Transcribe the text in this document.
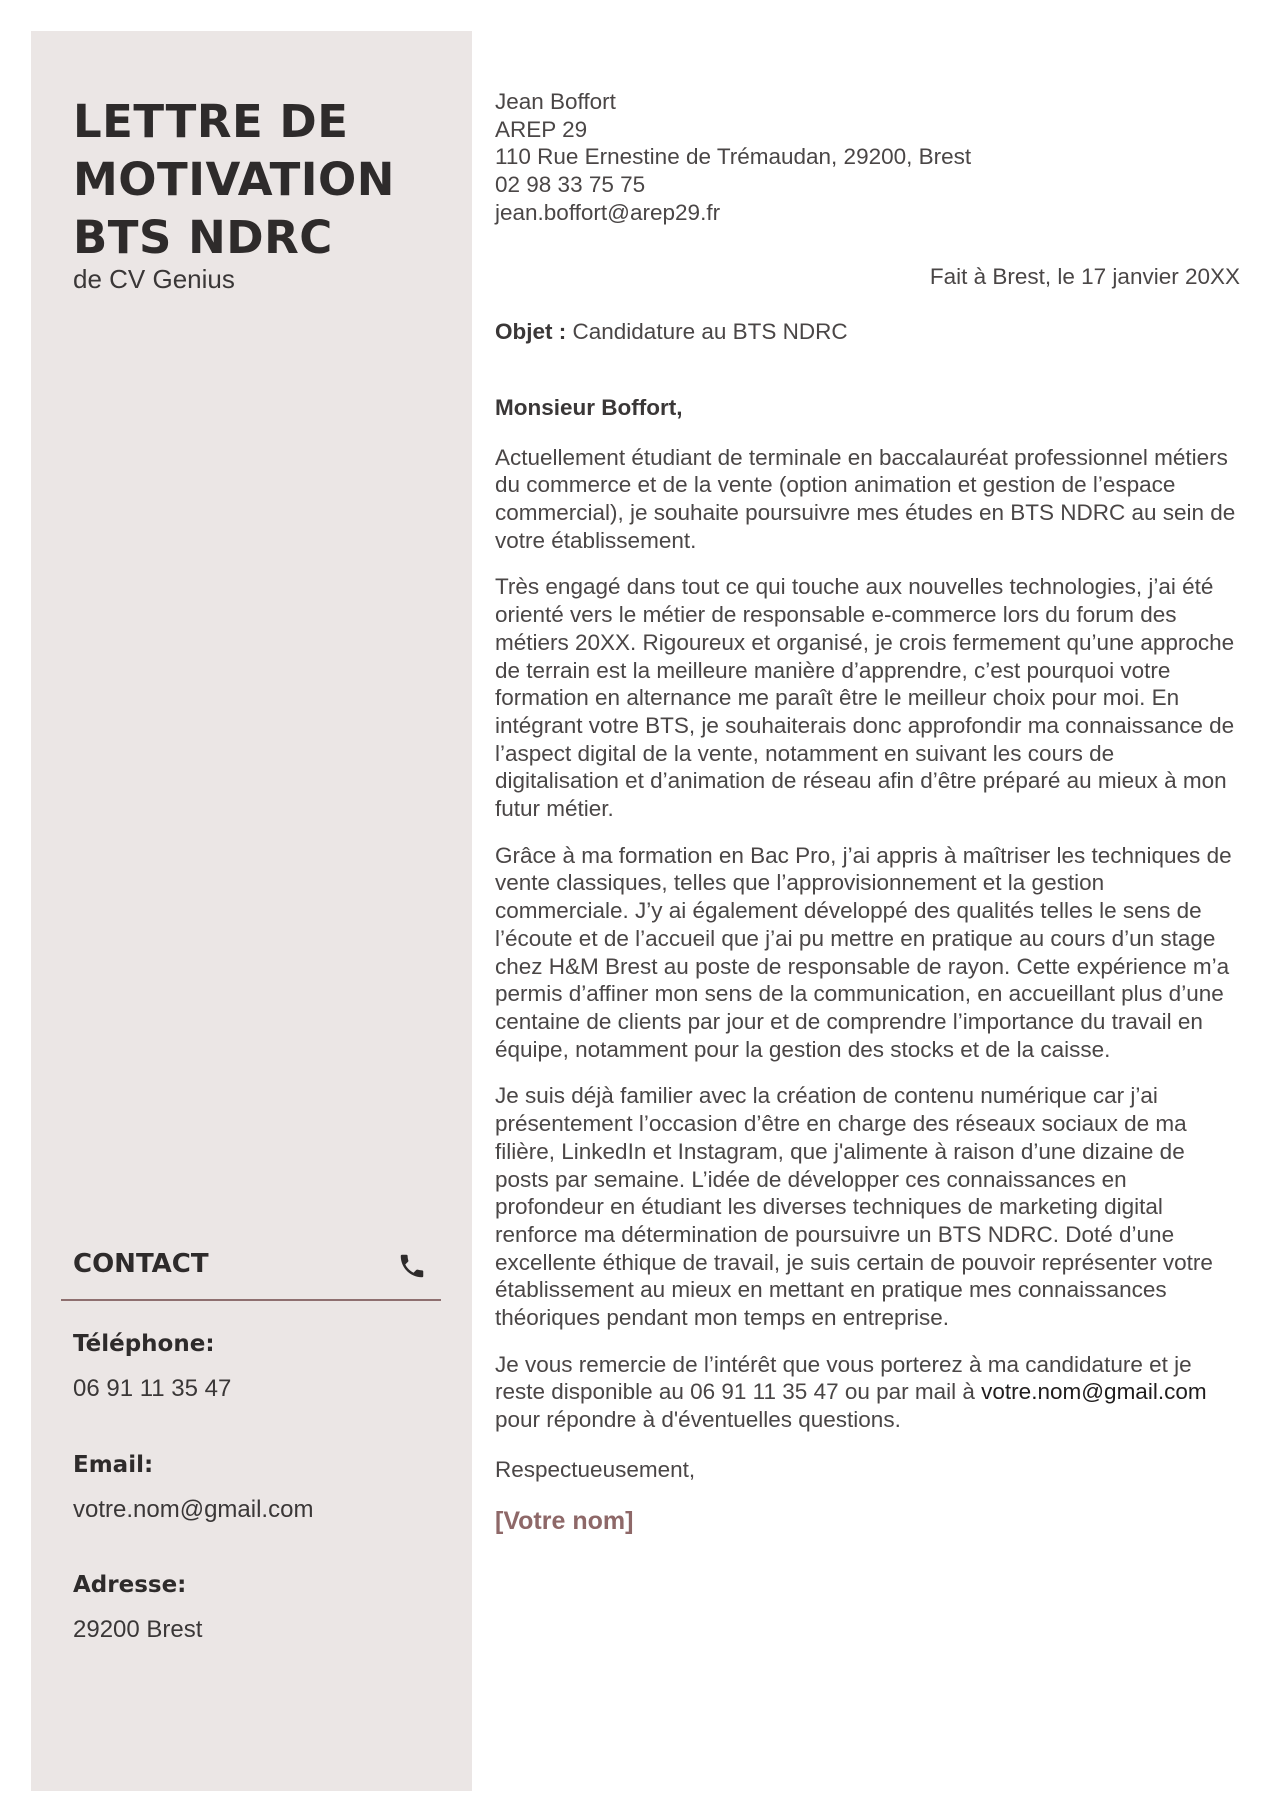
LETTRE DE MOTIVATION BTS NDRC
de CV Genius
CONTACT
Téléphone:
06 91 11 35 47
Email:
votre.nom@gmail.com
Adresse:
29200 Brest
Jean Boffort
AREP 29
110 Rue Ernestine de Trémaudan, 29200, Brest
02 98 33 75 75
jean.boffort@arep29.fr

Fait à Brest, le 17 janvier 20XX

Objet : Candidature au BTS NDRC

Monsieur Boffort,

Actuellement étudiant de terminale en baccalauréat professionnel métiers du commerce et de la vente (option animation et gestion de l’espace commercial), je souhaite poursuivre mes études en BTS NDRC au sein de votre établissement.

Très engagé dans tout ce qui touche aux nouvelles technologies, j’ai été orienté vers le métier de responsable e-commerce lors du forum des métiers 20XX. Rigoureux et organisé, je crois fermement qu’une approche de terrain est la meilleure manière d’apprendre, c’est pourquoi votre formation en alternance me paraît être le meilleur choix pour moi. En intégrant votre BTS, je souhaiterais donc approfondir ma connaissance de l’aspect digital de la vente, notamment en suivant les cours de digitalisation et d’animation de réseau afin d’être préparé au mieux à mon futur métier.

Grâce à ma formation en Bac Pro, j’ai appris à maîtriser les techniques de vente classiques, telles que l’approvisionnement et la gestion commerciale. J’y ai également développé des qualités telles le sens de l’écoute et de l’accueil que j’ai pu mettre en pratique au cours d’un stage chez H&M Brest au poste de responsable de rayon. Cette expérience m’a permis d’affiner mon sens de la communication, en accueillant plus d’une centaine de clients par jour et de comprendre l’importance du travail en équipe, notamment pour la gestion des stocks et de la caisse.

Je suis déjà familier avec la création de contenu numérique car j’ai présentement l’occasion d’être en charge des réseaux sociaux de ma filière, LinkedIn et Instagram, que j'alimente à raison d’une dizaine de posts par semaine. L’idée de développer ces connaissances en profondeur en étudiant les diverses techniques de marketing digital renforce ma détermination de poursuivre un BTS NDRC. Doté d’une excellente éthique de travail, je suis certain de pouvoir représenter votre établissement au mieux en mettant en pratique mes connaissances théoriques pendant mon temps en entreprise.

Je vous remercie de l’intérêt que vous porterez à ma candidature et je reste disponible au 06 91 11 35 47 ou par mail à votre.nom@gmail.com pour répondre à d'éventuelles questions.

Respectueusement,

[Votre nom]
